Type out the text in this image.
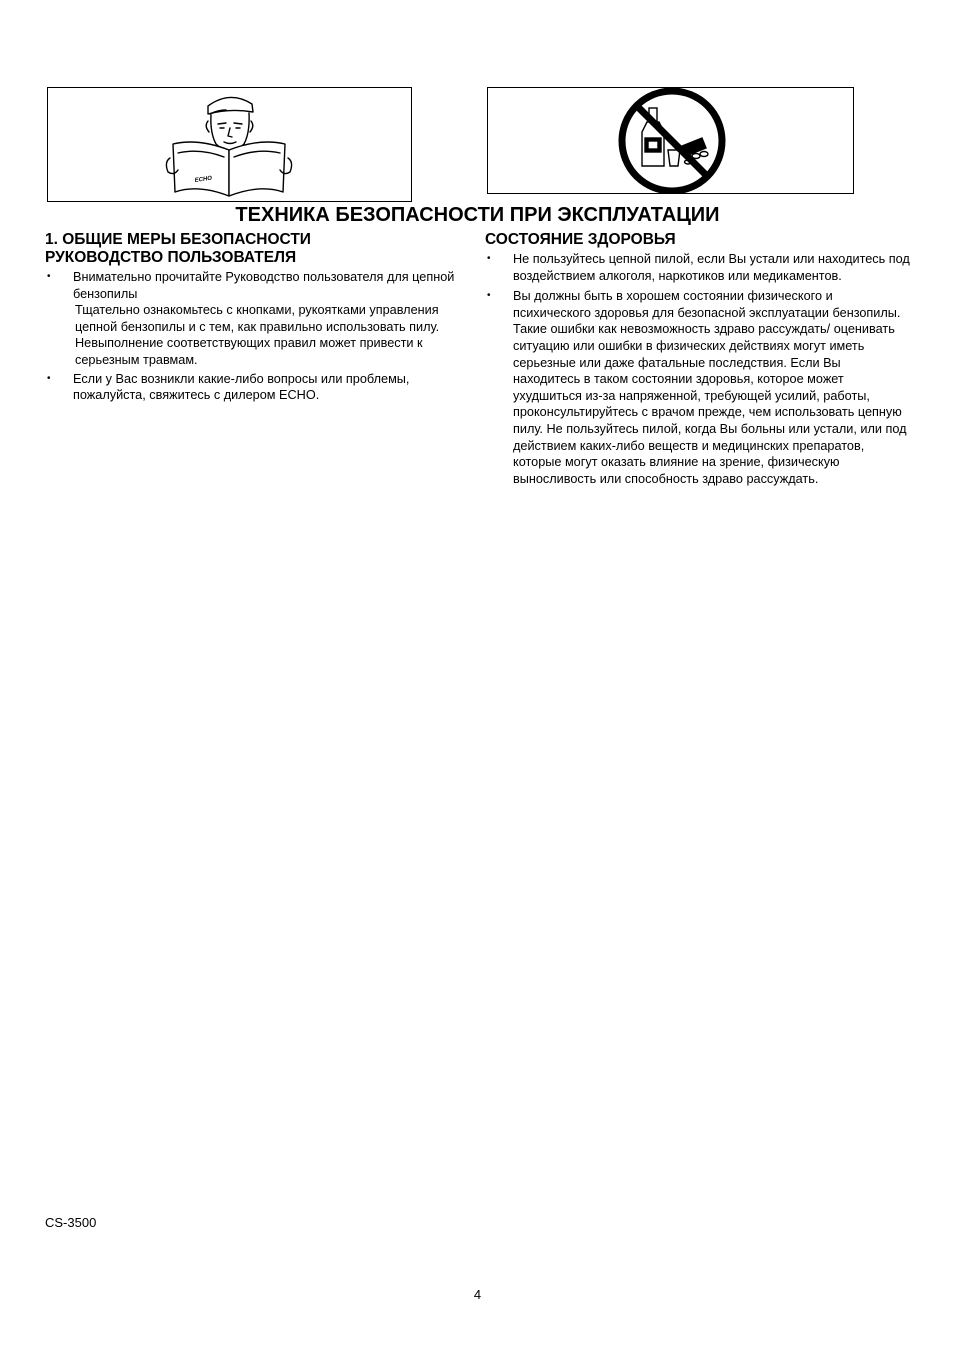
ECHO
ТЕХНИКА БЕЗОПАСНОСТИ ПРИ ЭКСПЛУАТАЦИИ
1. ОБЩИЕ МЕРЫ БЕЗОПАСНОСТИ
РУКОВОДСТВО ПОЛЬЗОВАТЕЛЯ
•	Внимательно прочитайте Руководство пользователя для цепной бензопилы

Тщательно ознакомьтесь с кнопками, рукоятками управления цепной бензопилы и с тем, как правильно использовать пилу.

Невыполнение соответствующих правил может привести к серьезным травмам.

•	Если у Вас возникли какие-либо вопросы или проблемы, пожалуйста, свяжитесь с дилером ECHO.

СОСТОЯНИЕ ЗДОРОВЬЯ
•	Не пользуйтесь цепной пилой, если Вы устали или находитесь под воздействием алкоголя, наркотиков или медикаментов.

•	Вы должны быть в хорошем состоянии физического и психического здоровья для безопасной эксплуатации бензопилы. Такие ошибки как невозможность здраво рассуждать/ оценивать ситуацию или ошибки в физических действиях могут иметь серьезные или даже фатальные последствия. Если Вы находитесь в таком состоянии здоровья, которое может ухудшиться из-за напряженной, требующей усилий, работы, проконсультируйтесь с врачом прежде, чем использовать цепную пилу. Не пользуйтесь пилой, когда Вы больны или устали, или под действием каких-либо веществ и медицинских препаратов, которые могут оказать влияние на зрение, физическую выносливость или способность здраво рассуждать.

CS-3500
4
